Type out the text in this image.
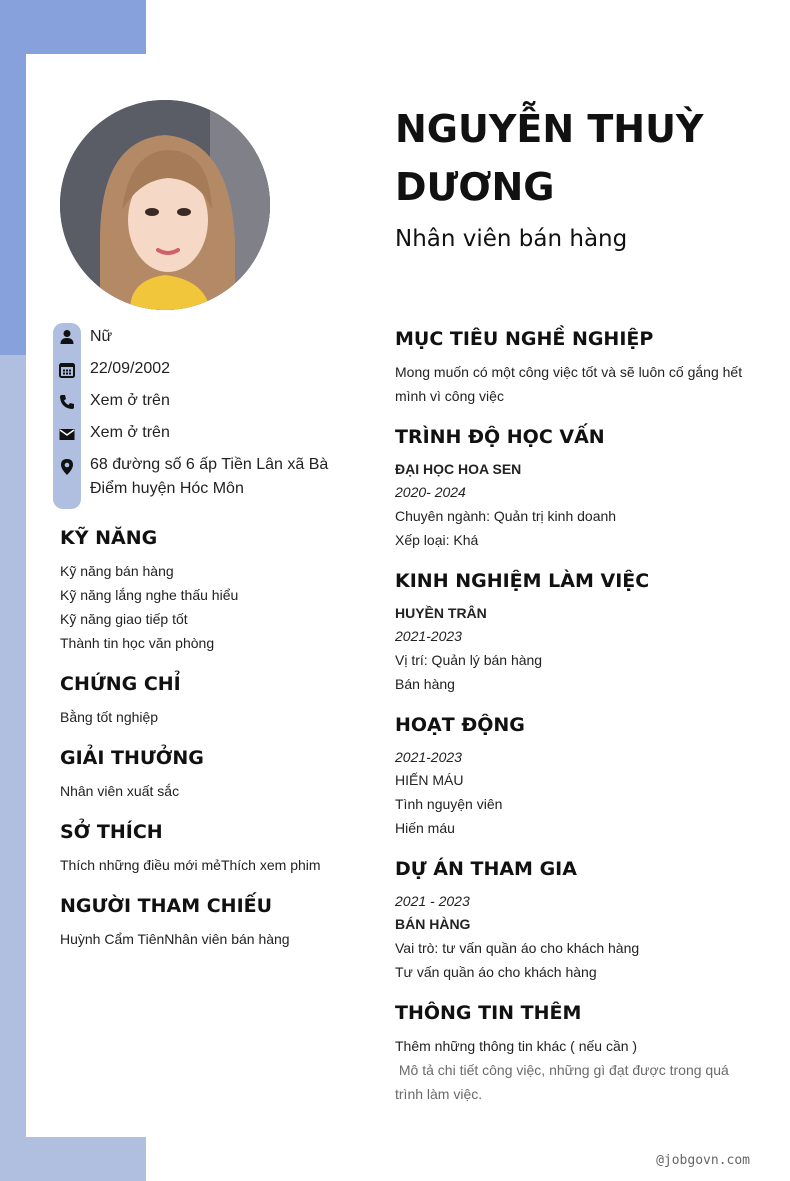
NGUYỄN THUỲ DƯƠNG
Nhân viên bán hàng
Nữ
22/09/2002
Xem ở trên
Xem ở trên
68 đường số 6 ấp Tiền Lân xã Bà Điểm huyện Hóc Môn
KỸ NĂNG
Kỹ năng bán hàng
Kỹ năng lắng nghe thấu hiểu
Kỹ năng giao tiếp tốt
Thành tin học văn phòng
CHỨNG CHỈ
Bằng tốt nghiệp
GIẢI THƯỞNG
Nhân viên xuất sắc
SỞ THÍCH
Thích những điều mới mẻThích xem phim
NGƯỜI THAM CHIẾU
Huỳnh Cẩm TiênNhân viên bán hàng
MỤC TIÊU NGHỀ NGHIỆP
Mong muốn có một công việc tốt và sẽ luôn cố gắng hết
mình vì công việc
TRÌNH ĐỘ HỌC VẤN
ĐẠI HỌC HOA SEN
2020- 2024
Chuyên ngành: Quản trị kinh doanh
Xếp loại: Khá
KINH NGHIỆM LÀM VIỆC
HUYỀN TRÂN
2021-2023
Vị trí: Quản lý bán hàng
Bán hàng
HOẠT ĐỘNG
2021-2023
HIẾN MÁU
Tình nguyện viên
Hiến máu
DỰ ÁN THAM GIA
2021 - 2023
BÁN HÀNG
Vai trò: tư vấn quần áo cho khách hàng
Tư vấn quần áo cho khách hàng
THÔNG TIN THÊM
Thêm những thông tin khác ( nếu cần )
Mô tả chi tiết công việc, những gì đạt được trong quá
trình làm việc.
@jobgovn.com
